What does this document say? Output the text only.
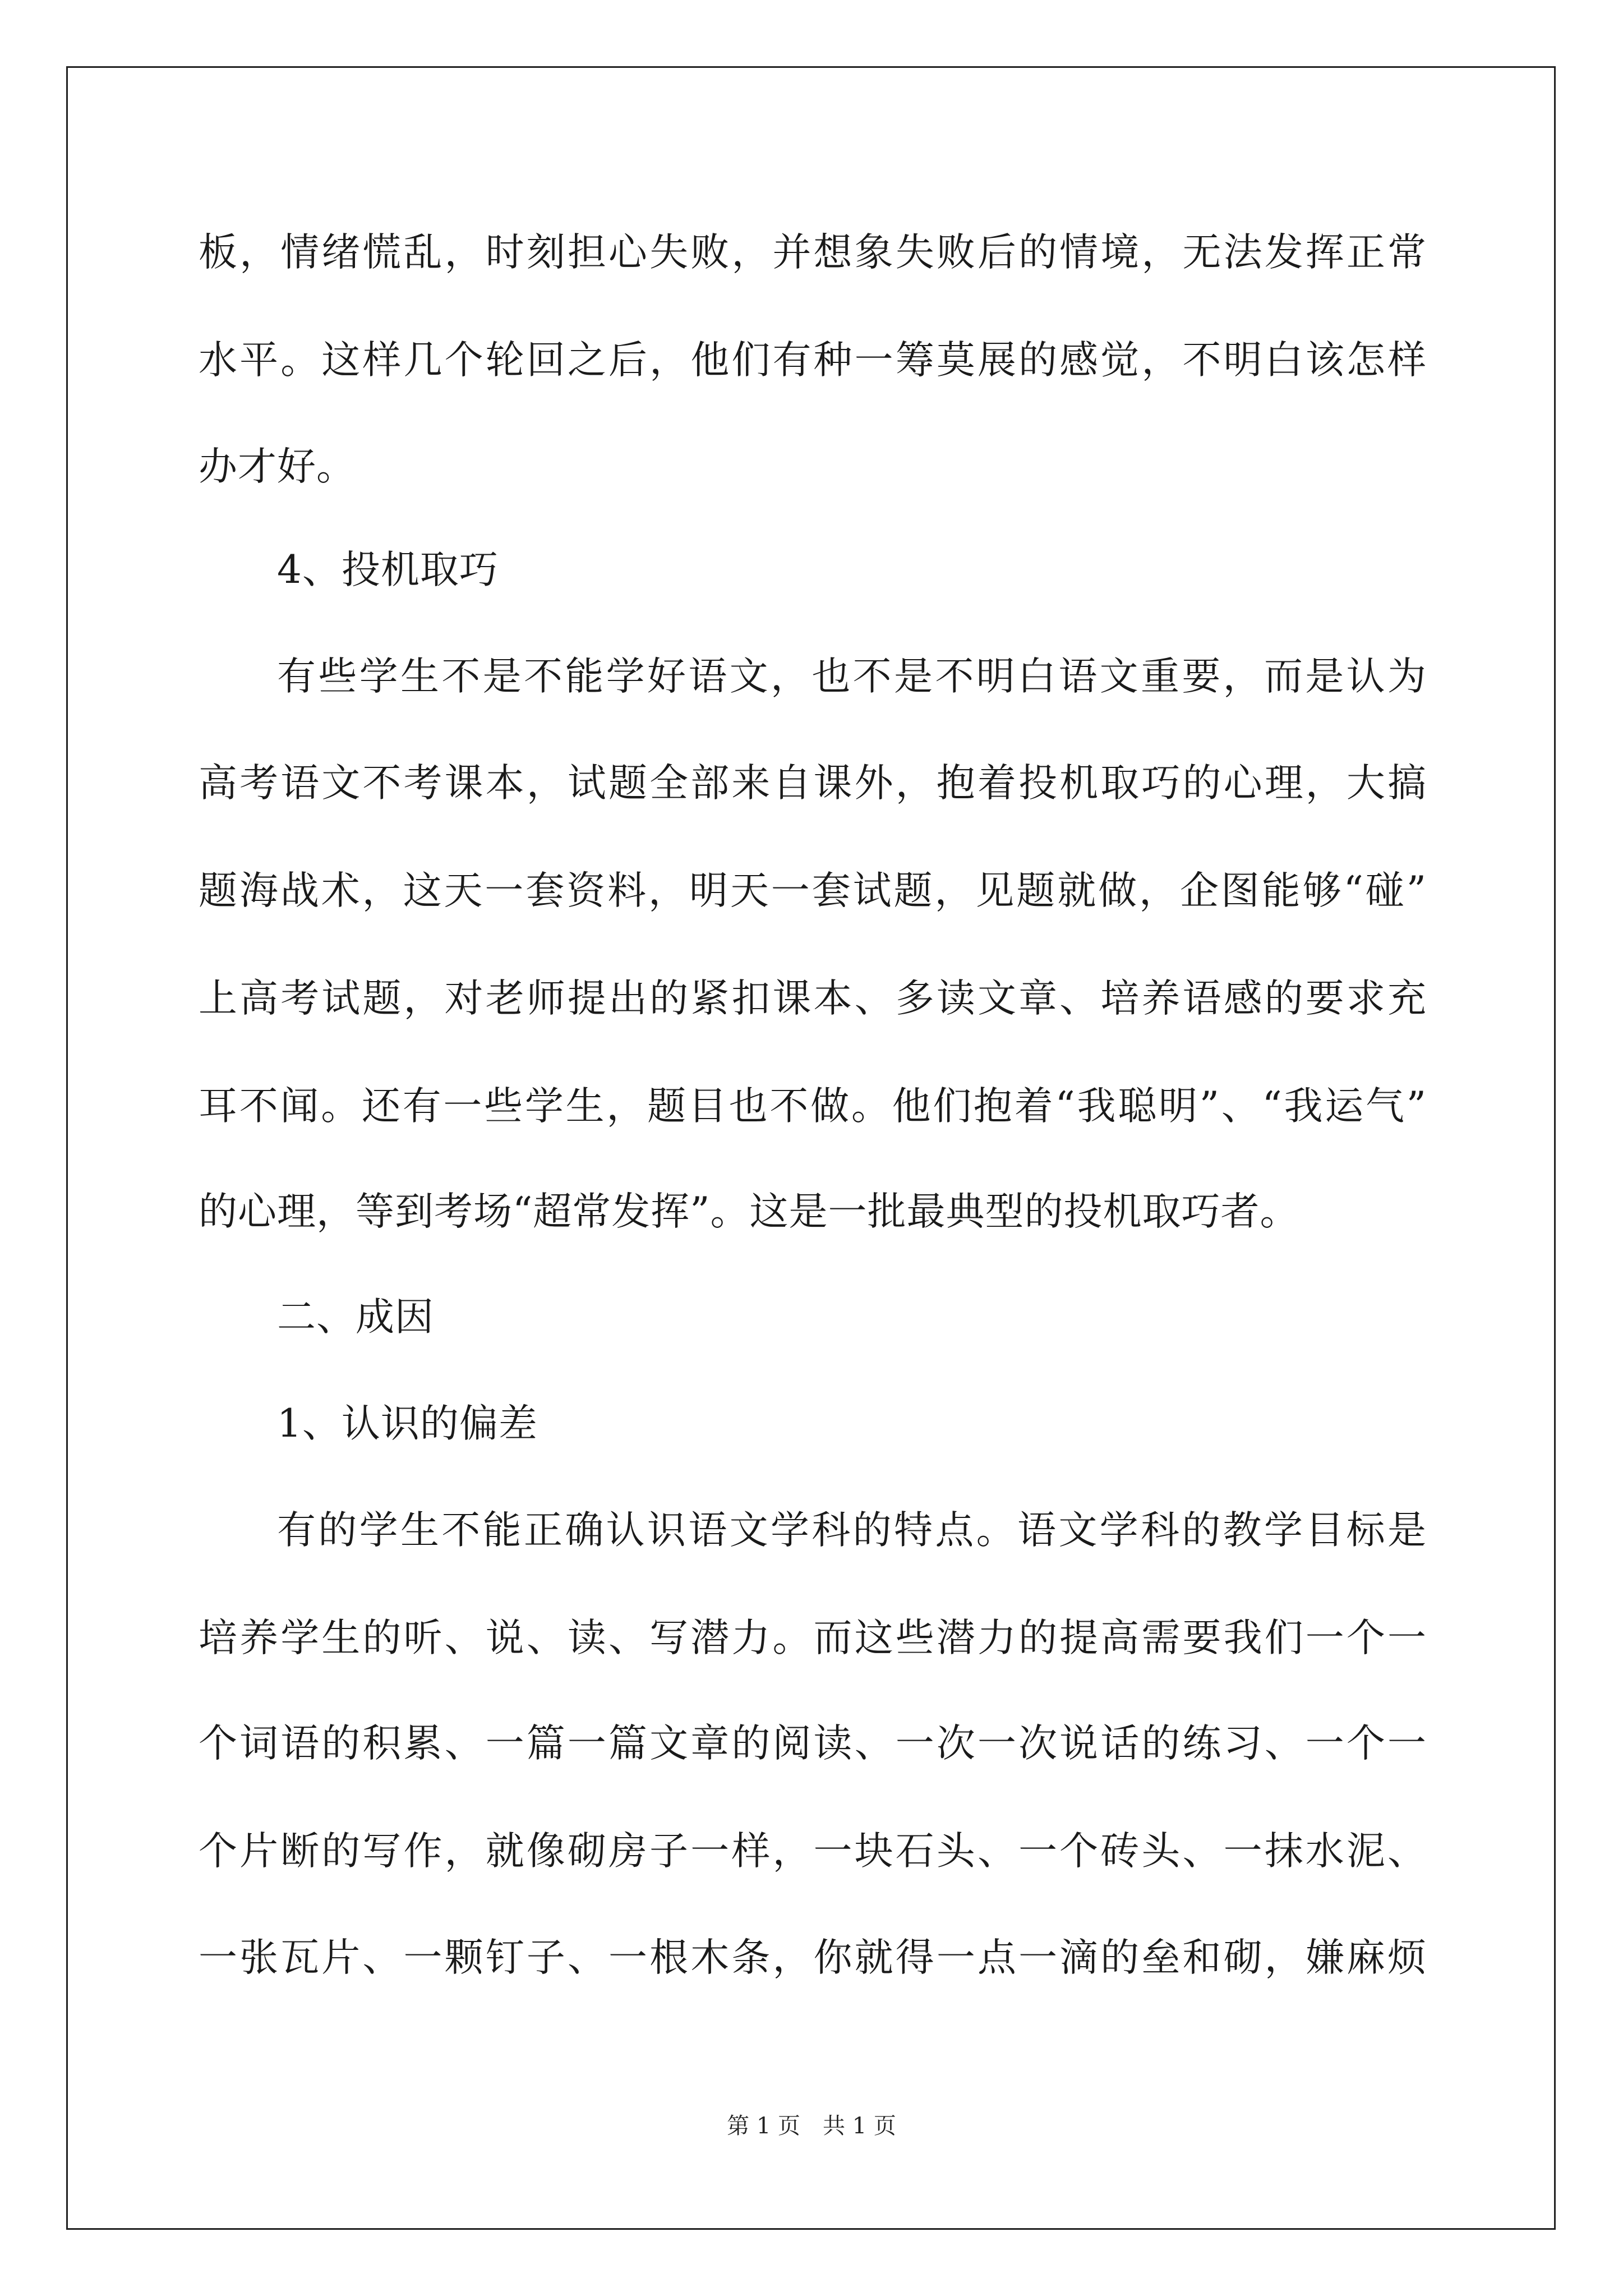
板，情绪慌乱，时刻担心失败，并想象失败后的情境，无法发挥正常
水平。这样几个轮回之后，他们有种一筹莫展的感觉，不明白该怎样
办才好。
4、投机取巧
有些学生不是不能学好语文，也不是不明白语文重要，而是认为
高考语文不考课本，试题全部来自课外，抱着投机取巧的心理，大搞
题海战术，这天一套资料，明天一套试题，见题就做，企图能够“碰”
上高考试题，对老师提出的紧扣课本、多读文章、培养语感的要求充
耳不闻。还有一些学生，题目也不做。他们抱着“我聪明”、“我运气”
的心理，等到考场“超常发挥”。这是一批最典型的投机取巧者。
二、成因
1、认识的偏差
有的学生不能正确认识语文学科的特点。语文学科的教学目标是
培养学生的听、说、读、写潜力。而这些潜力的提高需要我们一个一
个词语的积累、一篇一篇文章的阅读、一次一次说话的练习、一个一
个片断的写作，就像砌房子一样，一块石头、一个砖头、一抹水泥、
一张瓦片、一颗钉子、一根木条，你就得一点一滴的垒和砌，嫌麻烦
第 1 页　共 1 页
